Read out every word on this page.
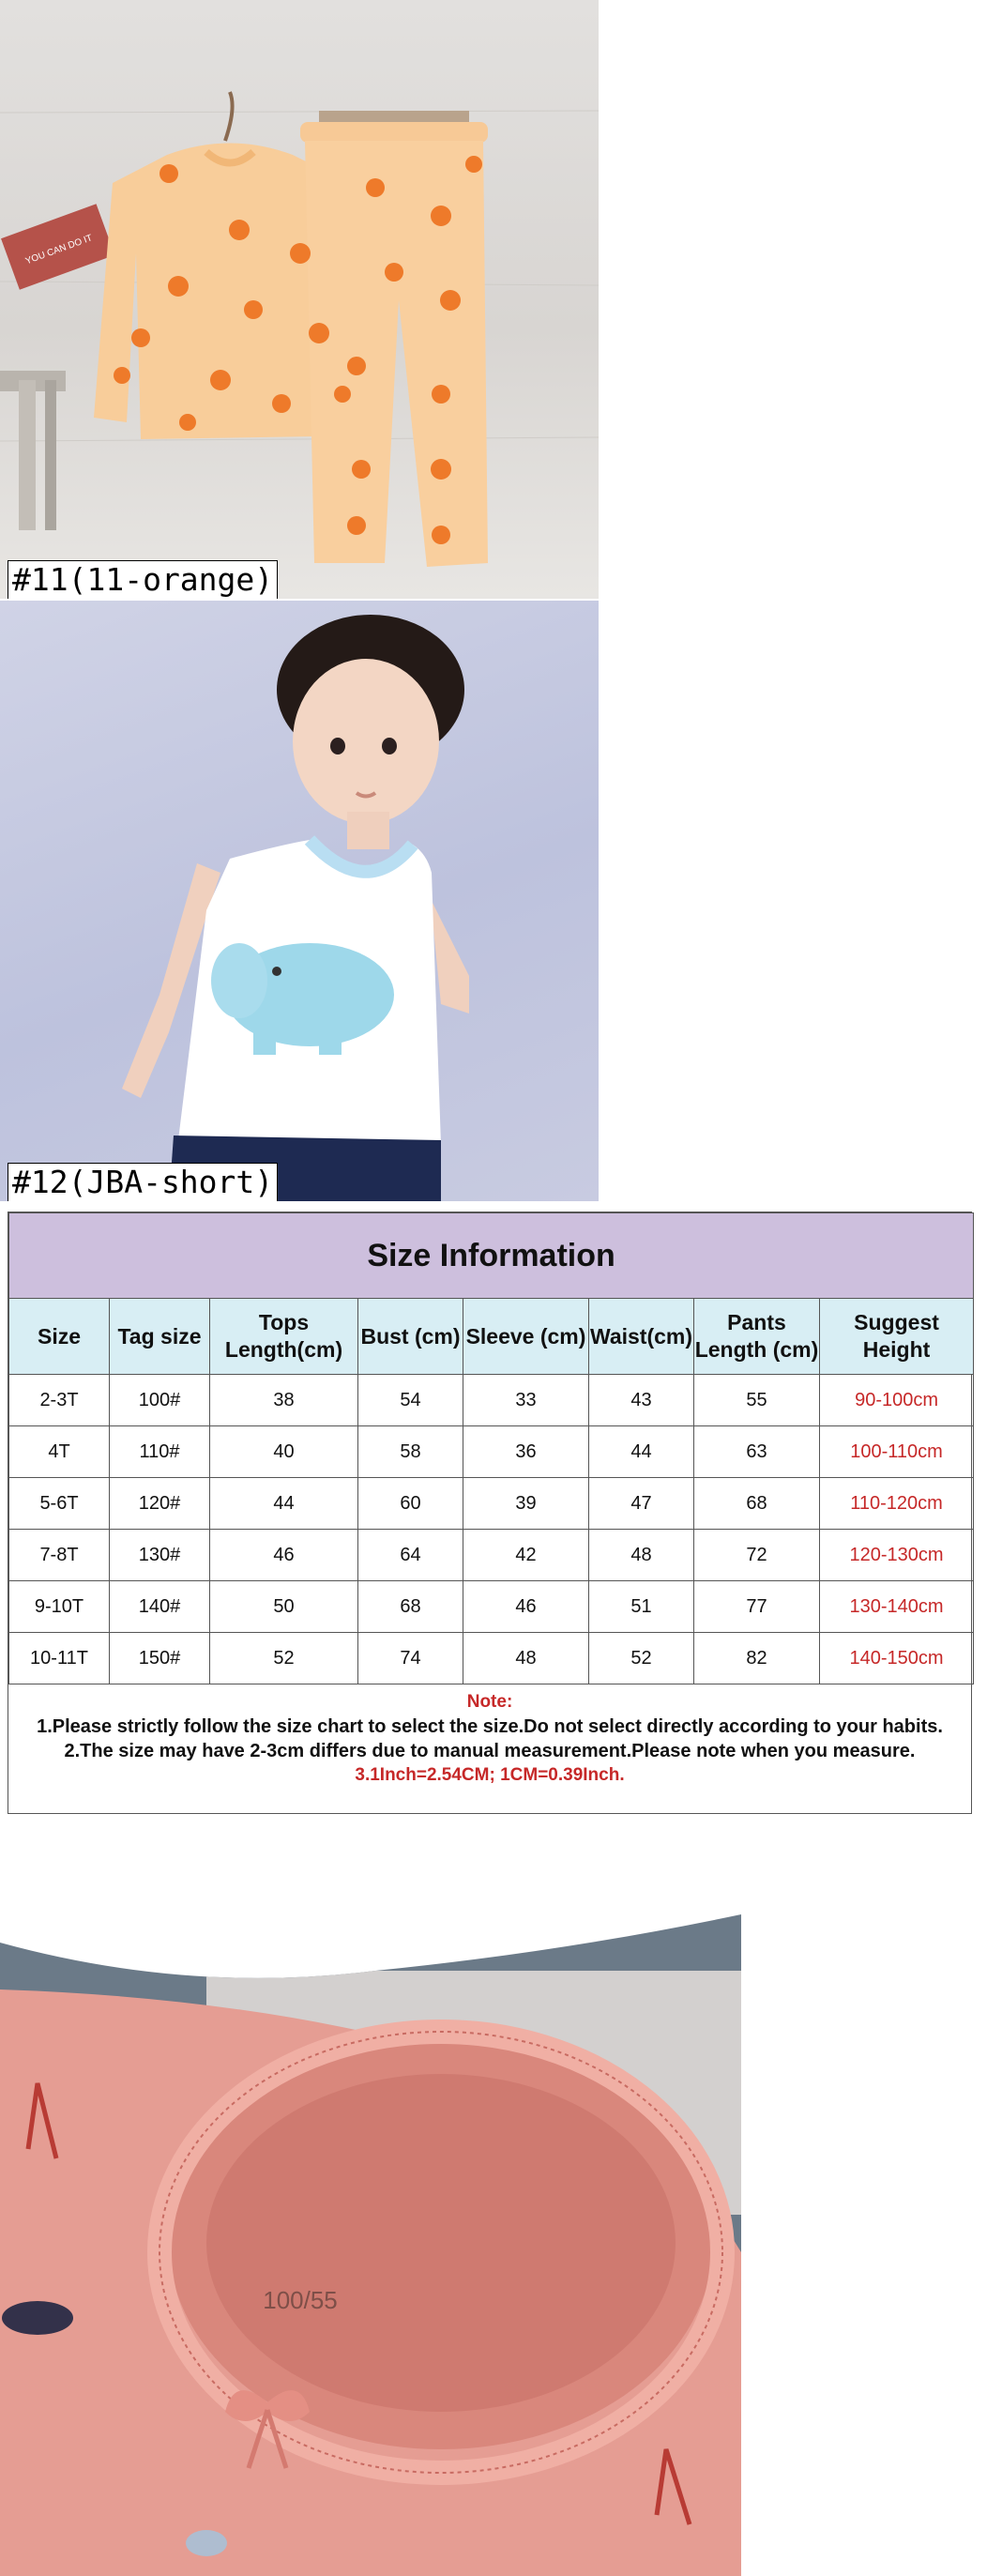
YOU CAN DO IT
#11(11-orange)
#12(JBA-short)
Size Information							
Size	Tag size	Tops Length(cm)	Bust (cm)	Sleeve (cm)	Waist(cm)	Pants Length (cm)	Suggest Height
2-3T	100#	38	54	33	43	55	90-100cm
4T	110#	40	58	36	44	63	100-110cm
5-6T	120#	44	60	39	47	68	110-120cm
7-8T	130#	46	64	42	48	72	120-130cm
9-10T	140#	50	68	46	51	77	130-140cm
10-11T	150#	52	74	48	52	82	140-150cm
Note:
1.Please strictly follow the size chart to select the size.Do not select directly according to your habits.
2.The size may have 2-3cm differs due to manual measurement.Please note when you measure.
3.1Inch=2.54CM; 1CM=0.39Inch.
100/55
